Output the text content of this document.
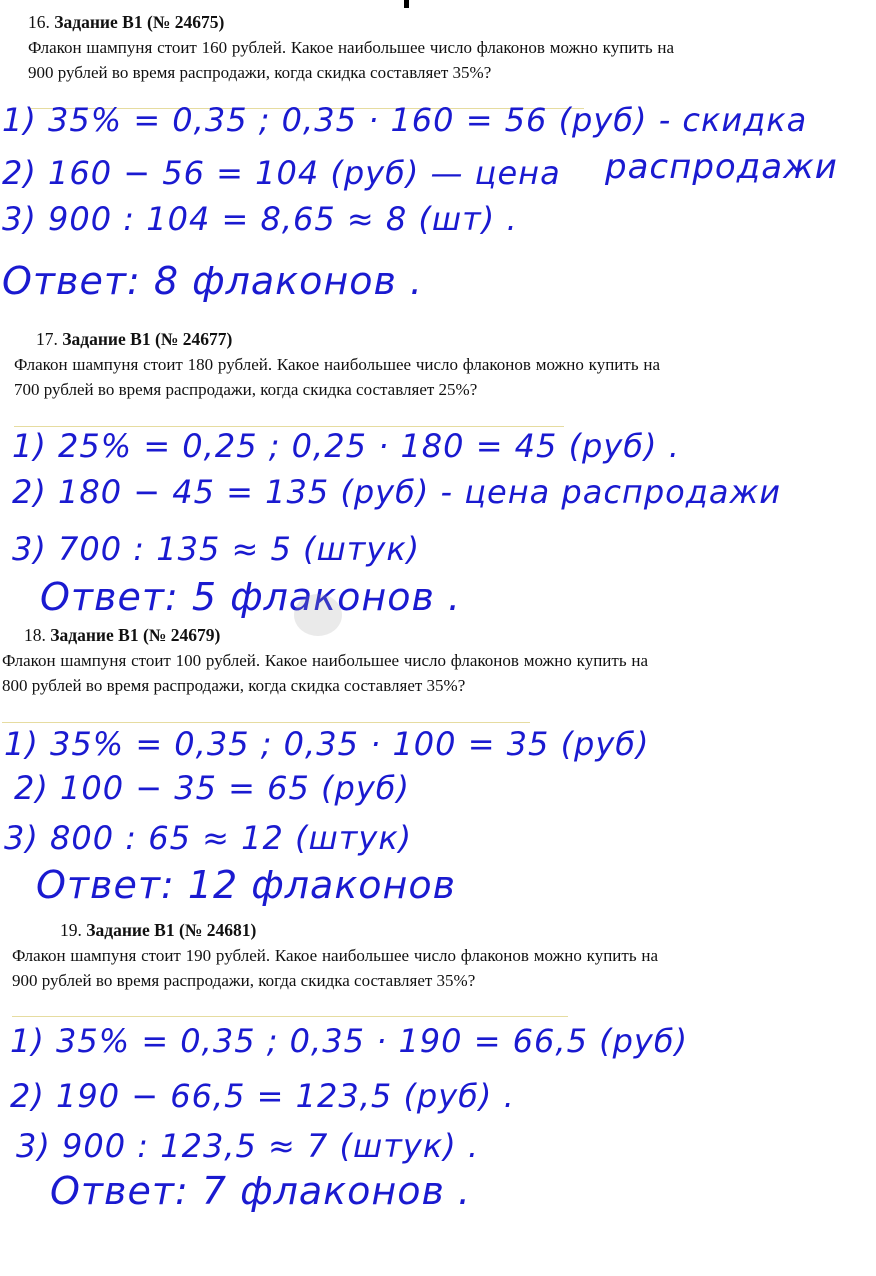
16. Задание B1 (№ 24675)
Флакон шампуня стоит 160 рублей. Какое наибольшее число флаконов можно купить на 900 рублей во время распродажи, когда скидка составляет 35%?
1) 35% = 0,35 ; 0,35 · 160 = 56 (руб) - скидка
распродажи
2) 160 − 56 = 104 (руб) — цена
3) 900 : 104 = 8,65 ≈ 8 (шт) .
Ответ: 8 флаконов .
17. Задание B1 (№ 24677)
Флакон шампуня стоит 180 рублей. Какое наибольшее число флаконов можно купить на 700 рублей во время распродажи, когда скидка составляет 25%?
1) 25% = 0,25 ; 0,25 · 180 = 45 (руб) .
2) 180 − 45 = 135 (руб) - цена распродажи
3) 700 : 135 ≈ 5 (штук)
Ответ: 5 флаконов .
18. Задание B1 (№ 24679)
Флакон шампуня стоит 100 рублей. Какое наибольшее число флаконов можно купить на 800 рублей во время распродажи, когда скидка составляет 35%?
1) 35% = 0,35 ; 0,35 · 100 = 35 (руб)
2) 100 − 35 = 65 (руб)
3) 800 : 65 ≈ 12 (штук)
Ответ: 12 флаконов
19. Задание B1 (№ 24681)
Флакон шампуня стоит 190 рублей. Какое наибольшее число флаконов можно купить на 900 рублей во время распродажи, когда скидка составляет 35%?
1) 35% = 0,35 ; 0,35 · 190 = 66,5 (руб)
2) 190 − 66,5 = 123,5 (руб) .
3) 900 : 123,5 ≈ 7 (штук) .
Ответ: 7 флаконов .
